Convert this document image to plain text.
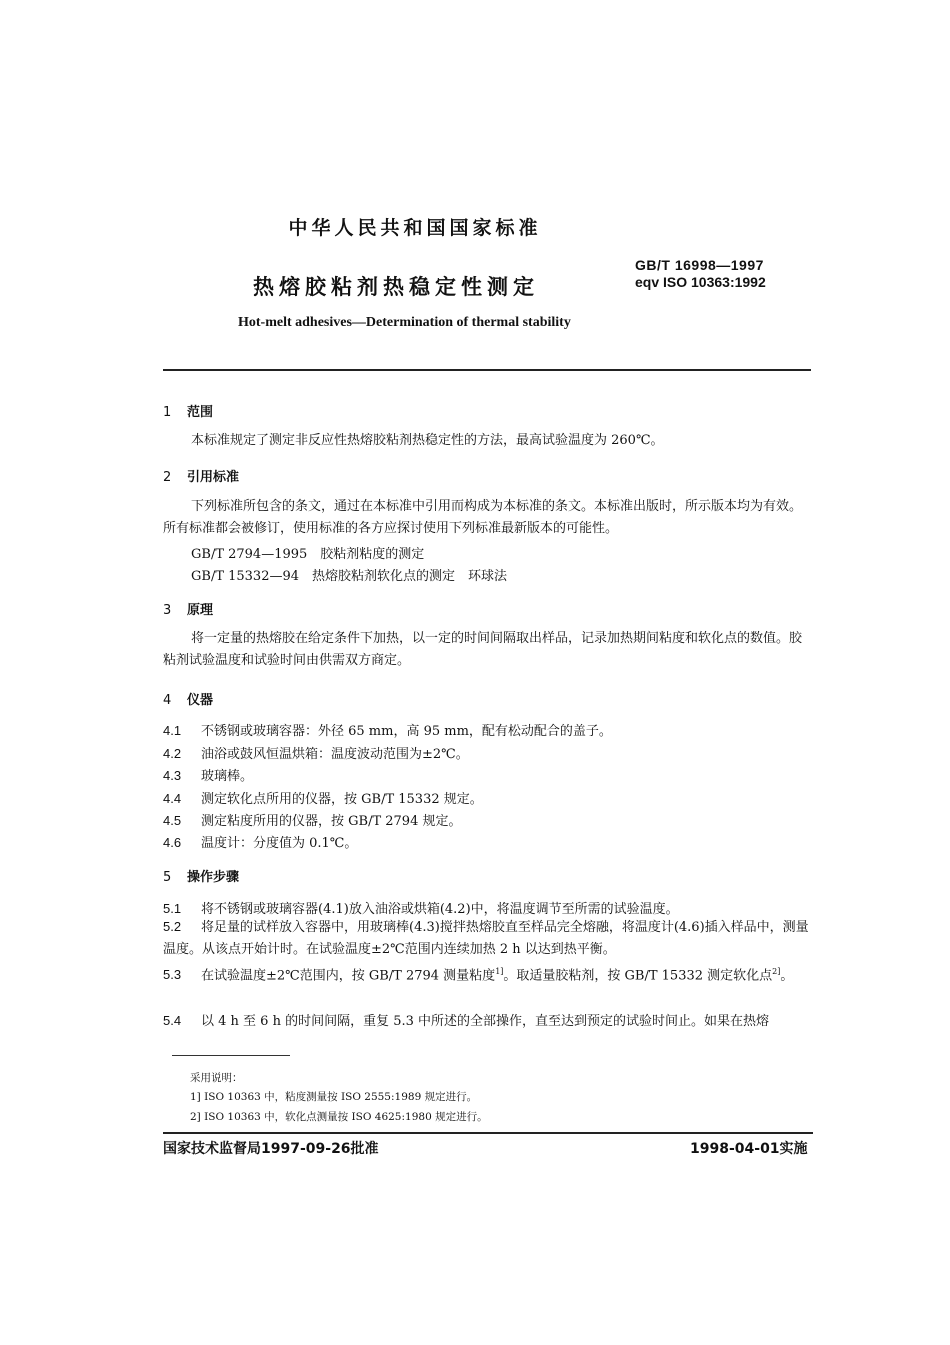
中华人民共和国国家标准
热熔胶粘剂热稳定性测定
GB/T 16998—1997
eqv ISO 10363:1992
Hot-melt adhesives—Determination of thermal stability
1 范围
本标准规定了测定非反应性热熔胶粘剂热稳定性的方法，最高试验温度为 260℃。
2 引用标准
下列标准所包含的条文，通过在本标准中引用而构成为本标准的条文。本标准出版时，所示版本均为有效。所有标准都会被修订，使用标准的各方应探讨使用下列标准最新版本的可能性。
GB/T 2794—1995　胶粘剂粘度的测定
GB/T 15332—94　热熔胶粘剂软化点的测定　环球法
3 原理
将一定量的热熔胶在给定条件下加热，以一定的时间间隔取出样品，记录加热期间粘度和软化点的数值。胶粘剂试验温度和试验时间由供需双方商定。
4 仪器
4.1 不锈钢或玻璃容器：外径 65 mm，高 95 mm，配有松动配合的盖子。
4.2 油浴或鼓风恒温烘箱：温度波动范围为±2℃。
4.3 玻璃棒。
4.4 测定软化点所用的仪器，按 GB/T 15332 规定。
4.5 测定粘度所用的仪器，按 GB/T 2794 规定。
4.6 温度计：分度值为 0.1℃。
5 操作步骤
5.1 将不锈钢或玻璃容器(4.1)放入油浴或烘箱(4.2)中，将温度调节至所需的试验温度。
5.2 将足量的试样放入容器中，用玻璃棒(4.3)搅拌热熔胶直至样品完全熔融，将温度计(4.6)插入样品中，测量温度。从该点开始计时。在试验温度±2℃范围内连续加热 2 h 以达到热平衡。
5.3 在试验温度±2℃范围内，按 GB/T 2794 测量粘度$^{1]}$。取适量胶粘剂，按 GB/T 15332 测定软化点$^{2]}$。
5.4 以 4 h 至 6 h 的时间间隔，重复 5.3 中所述的全部操作，直至达到预定的试验时间止。如果在热熔
采用说明：
1] ISO 10363 中，粘度测量按 ISO 2555:1989 规定进行。
2] ISO 10363 中，软化点测量按 ISO 4625:1980 规定进行。
国家技术监督局1997-09-26批准	1998-04-01实施
